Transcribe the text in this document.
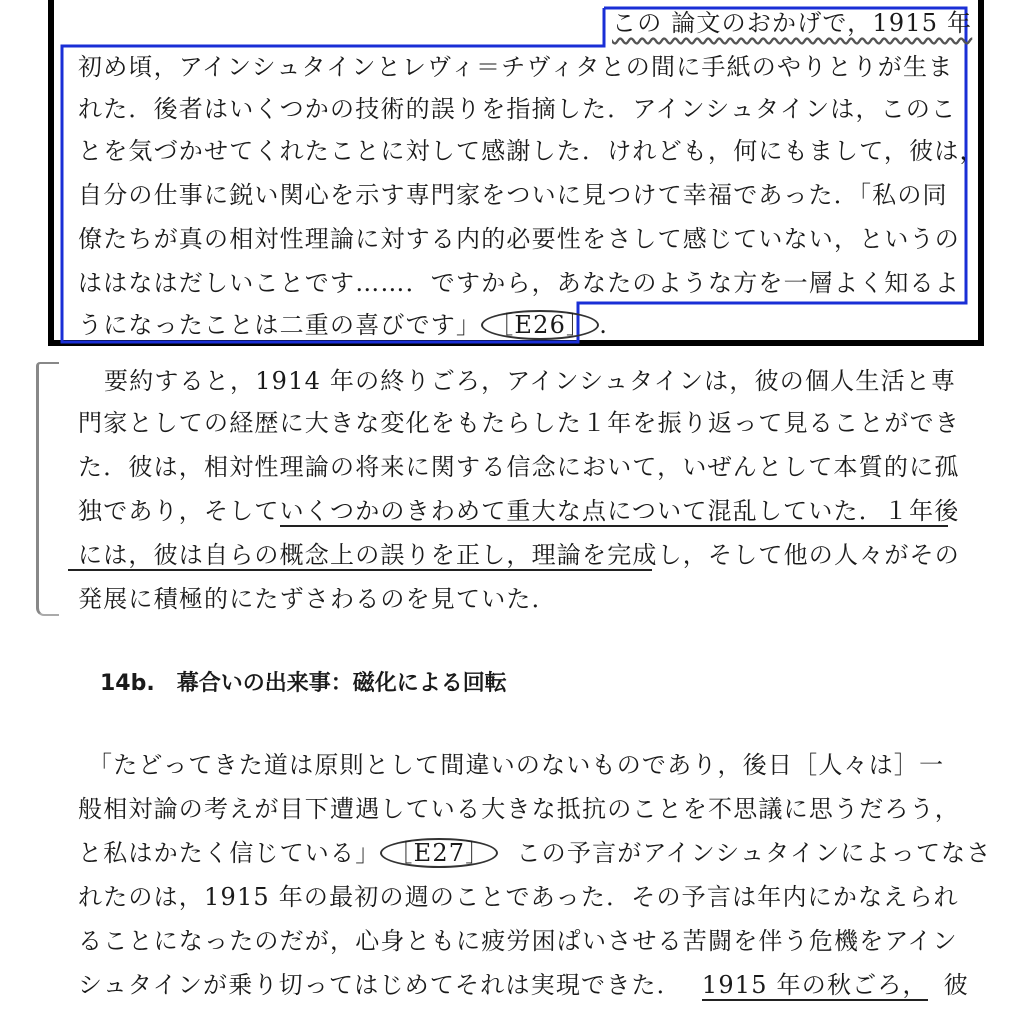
この 論文のおかげで，1915 年
初め頃，アインシュタインとレヴィ＝チヴィタとの間に手紙のやりとりが生ま
れた．後者はいくつかの技術的誤りを指摘した．アインシュタインは，このこ
とを気づかせてくれたことに対して感謝した．けれども，何にもまして，彼は，
自分の仕事に鋭い関心を示す専門家をついに見つけて幸福であった．「私の同
僚たちが真の相対性理論に対する内的必要性をさして感じていない，というの
ははなはだしいことです……．ですから，あなたのような方を一層よく知るよ
うになったことは二重の喜びです」 ［E26］ .
要約すると，1914 年の終りごろ，アインシュタインは，彼の個人生活と専
門家としての経歴に大きな変化をもたらした１年を振り返って見ることができ
た．彼は，相対性理論の将来に関する信念において，いぜんとして本質的に孤
独であり，そしていくつかのきわめて重大な点について混乱していた．１年後
には，彼は自らの概念上の誤りを正し，理論を完成し，そして他の人々がその
発展に積極的にたずさわるのを見ていた．
14b.　幕合いの出来事：磁化による回転
「たどってきた道は原則として間違いのないものであり，後日［人々は］一
般相対論の考えが目下遭遇している大きな抵抗のことを不思議に思うだろう，
と私はかたく信じている」 ［E27］ この予言がアインシュタインによってなさ
れたのは，1915 年の最初の週のことであった．その予言は年内にかなえられ
ることになったのだが，心身ともに疲労困ぱいさせる苦闘を伴う危機をアイン
シュタインが乗り切ってはじめてそれは実現できた． 1915 年の秋ごろ， 彼
